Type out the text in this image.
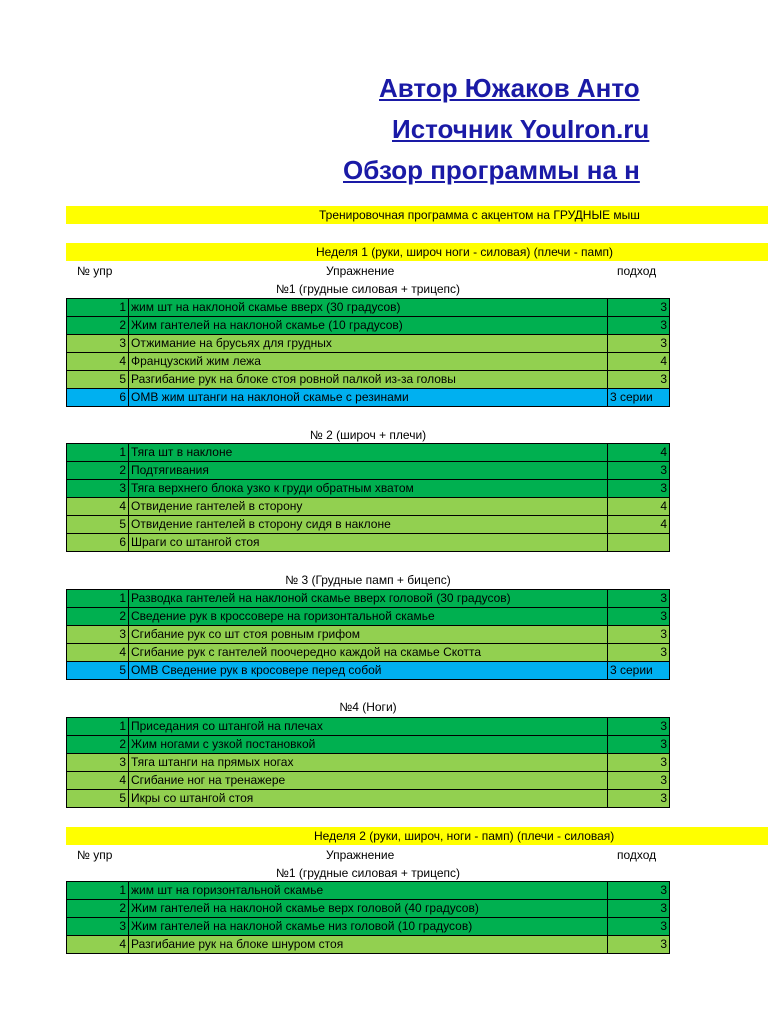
Автор Южаков Анто
Источник YouIron.ru
Обзор программы на н
Тренировочная программа с акцентом на ГРУДНЫЕ мыш
Неделя 1 (руки, широч ноги - силовая) (плечи - памп)
№ упр	Упражнение	подход
№1 (грудные силовая + трицепс)
1	жим шт на наклоной скамье вверх (30 градусов)	3
2	Жим гантелей на наклоной скамье (10 градусов)	3
3	Отжимание на брусьях для грудных	3
4	Французский жим лежа	4
5	Разгибание рук на блоке стоя ровной палкой из-за головы	3
6	ОМВ жим штанги на наклоной скамье с резинами	3 серии
№ 2 (широч + плечи)
1	Тяга шт в наклоне	4
2	Подтягивания	3
3	Тяга верхнего блока узко к груди обратным хватом	3
4	Отвидение гантелей в сторону	4
5	Отвидение гантелей в сторону сидя в наклоне	4
6	Шраги со штангой стоя	
№ 3 (Грудные памп + бицепс)
1	Разводка гантелей на наклоной скамье вверх головой (30 градусов)	3
2	Сведение рук в кроссовере на горизонтальной скамье	3
3	Сгибание рук со шт стоя ровным грифом	3
4	Сгибание рук с гантелей поочередно каждой на скамье Скотта	3
5	ОМВ Сведение рук в кросовере перед собой	3 серии
№4 (Ноги)
1	Приседания со штангой на плечах	3
2	Жим ногами с узкой постановкой	3
3	Тяга штанги на прямых ногах	3
4	Сгибание ног на тренажере	3
5	Икры со штангой стоя	3
Неделя 2 (руки, широч, ноги - памп) (плечи - силовая)
№ упр	Упражнение	подход
№1 (грудные силовая + трицепс)
1	жим шт на горизонтальной скамье	3
2	Жим гантелей на наклоной скамье верх головой (40 градусов)	3
3	Жим гантелей на наклоной скамье низ головой (10 градусов)	3
4	Разгибание рук на блоке шнуром стоя	3
